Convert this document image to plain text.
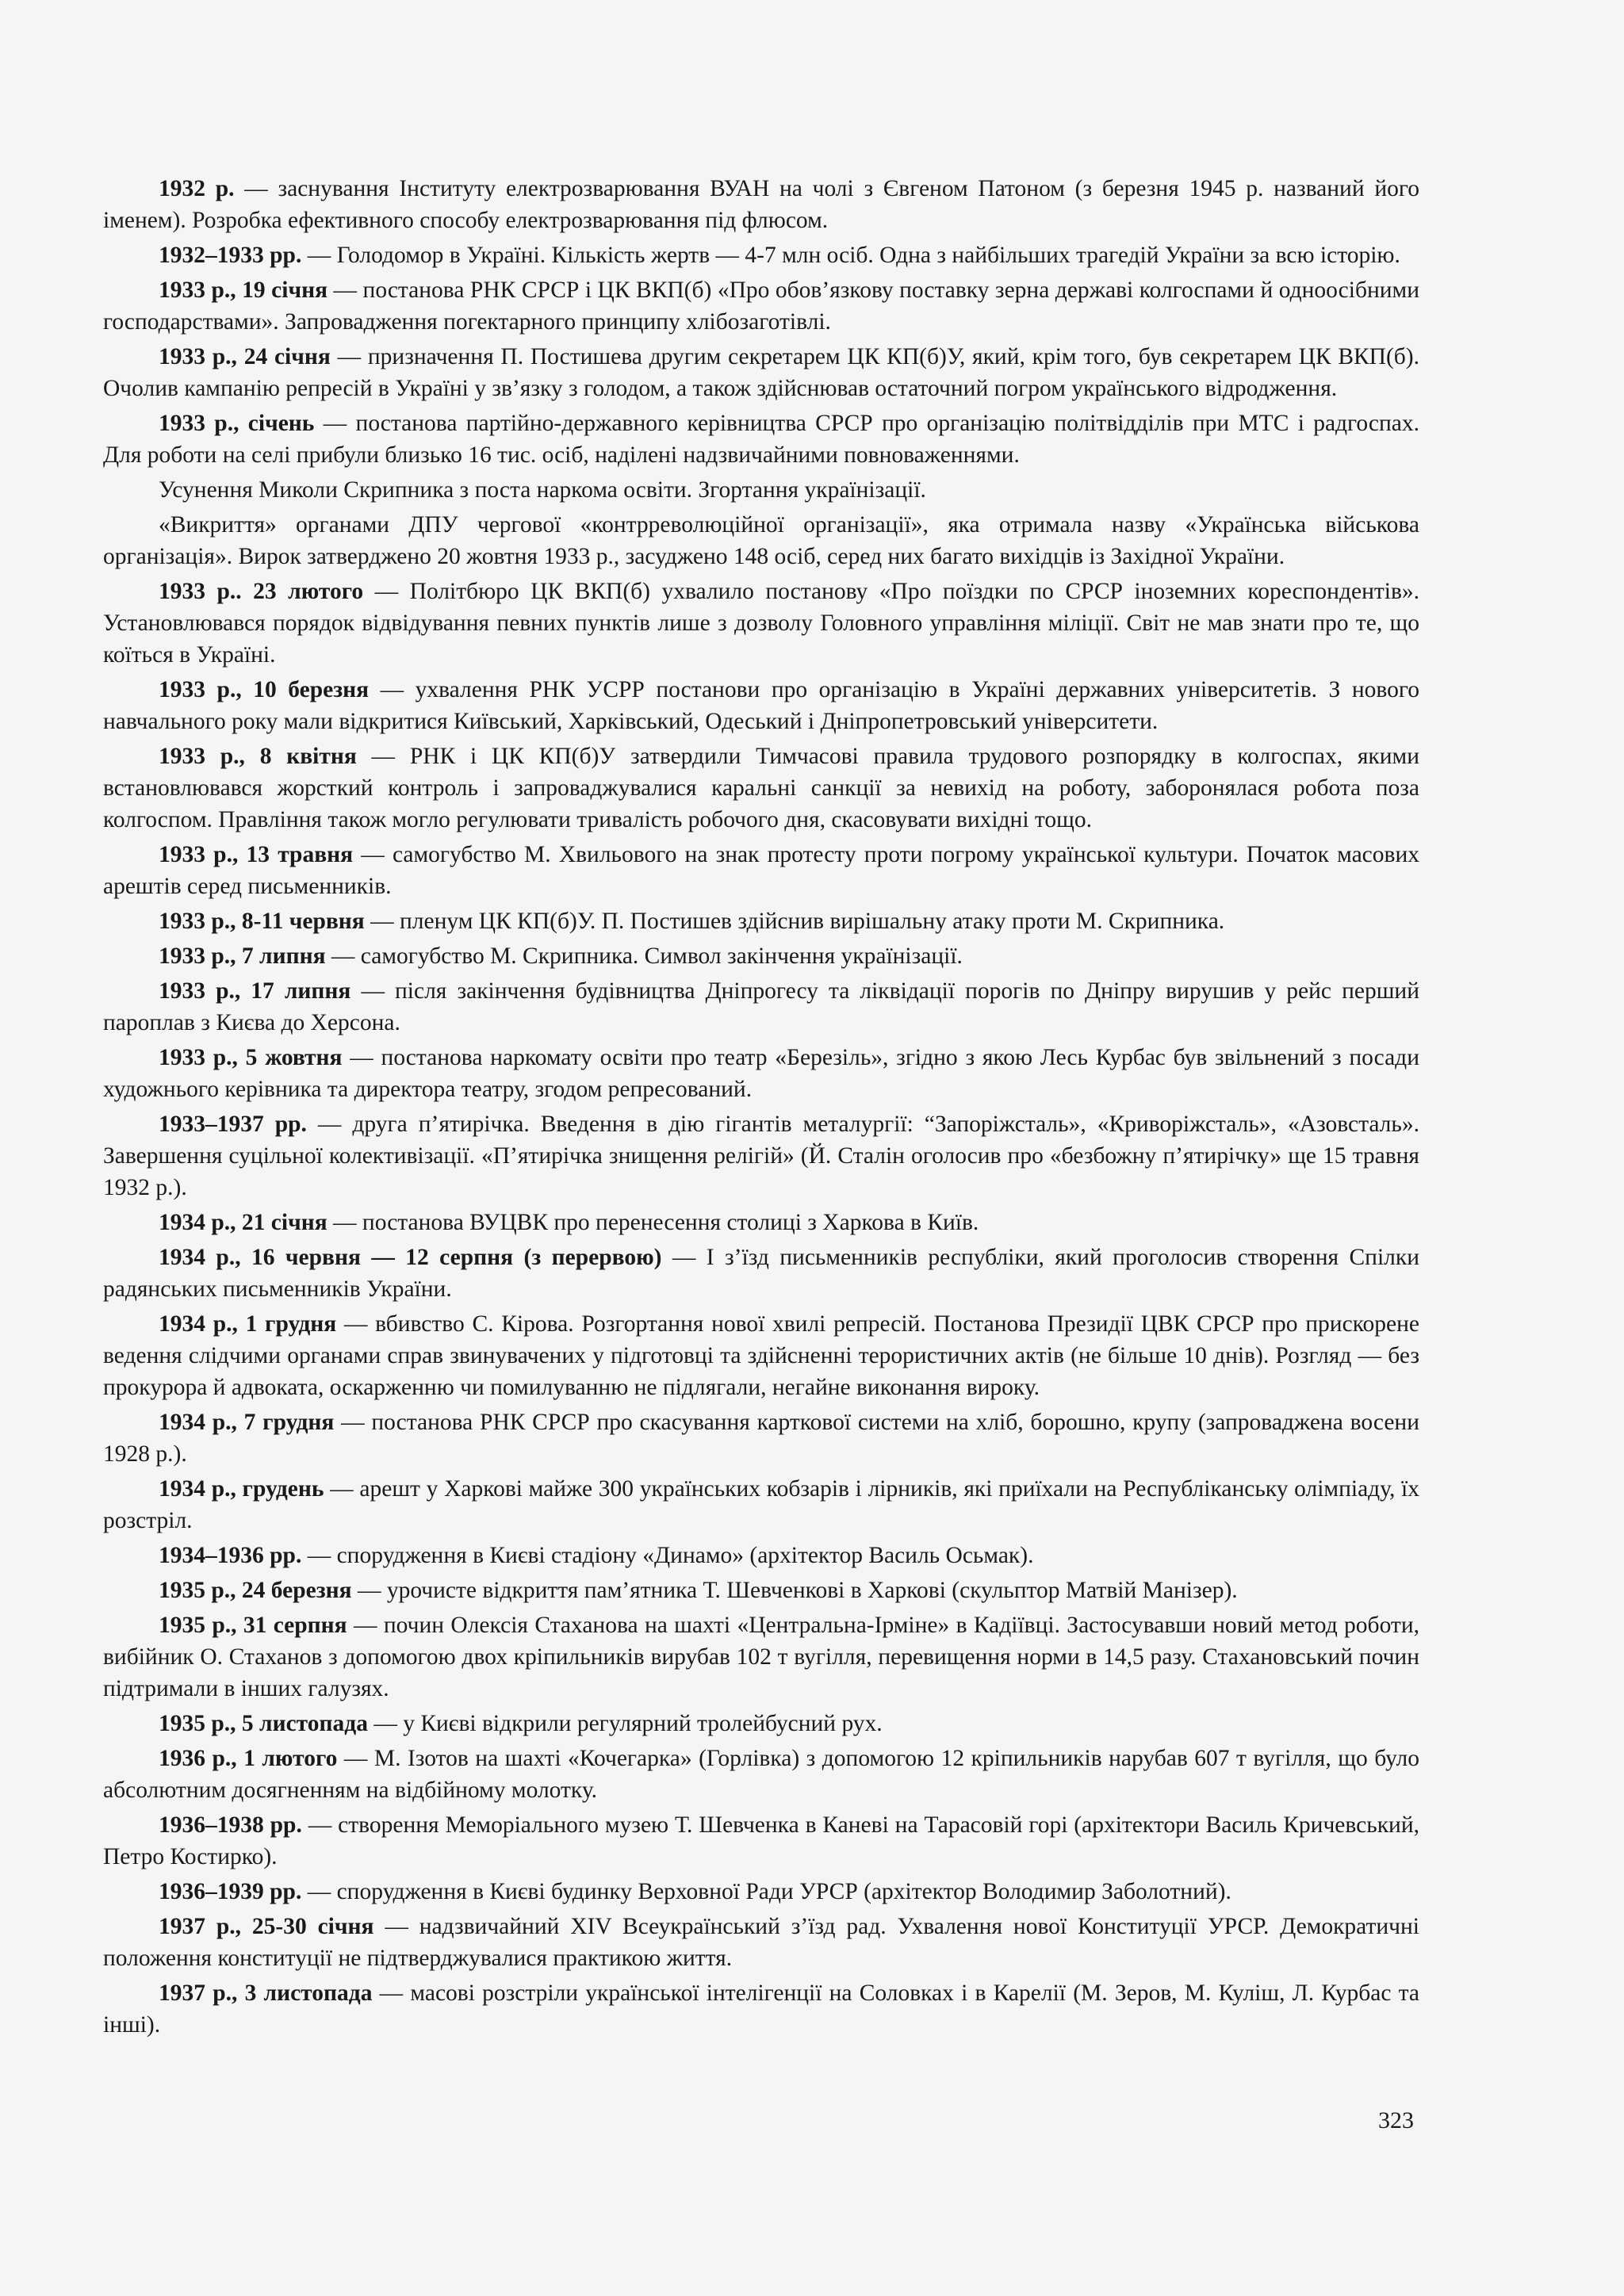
1932 р. — заснування Інституту електрозварювання ВУАН на чолі з Євгеном Патоном (з березня 1945 р. названий його іменем). Розробка ефективного способу електрозварювання під флюсом.

1932–1933 рр. — Голодомор в Україні. Кількість жертв — 4-7 млн осіб. Одна з найбільших трагедій України за всю історію.

1933 р., 19 січня — постанова РНК СРСР і ЦК ВКП(б) «Про обов’язкову поставку зерна державі колгоспами й одноосібними господарствами». Запровадження погектарного принципу хлібозаготівлі.

1933 р., 24 січня — призначення П. Постишева другим секретарем ЦК КП(б)У, який, крім того, був секретарем ЦК ВКП(б). Очолив кампанію репресій в Україні у зв’язку з голодом, а також здійснював остаточний погром українського відродження.

1933 р., січень — постанова партійно-державного керівництва СРСР про організацію політвідділів при МТС і радгоспах. Для роботи на селі прибули близько 16 тис. осіб, наділені надзвичайними повноваженнями.

Усунення Миколи Скрипника з поста наркома освіти. Згортання українізації.

«Викриття» органами ДПУ чергової «контрреволюційної організації», яка отримала назву «Українська військова організація». Вирок затверджено 20 жовтня 1933 р., засуджено 148 осіб, серед них багато вихідців із Західної України.

1933 р.. 23 лютого — Політбюро ЦК ВКП(б) ухвалило постанову «Про поїздки по СРСР іноземних кореспондентів». Установлювався порядок відвідування певних пунктів лише з дозволу Головного управління міліції. Світ не мав знати про те, що коїться в Україні.

1933 р., 10 березня — ухвалення РНК УСРР постанови про організацію в Україні державних університетів. З нового навчального року мали відкритися Київський, Харківський, Одеський і Дніпропетровський університети.

1933 р., 8 квітня — РНК і ЦК КП(б)У затвердили Тимчасові правила трудового розпорядку в колгоспах, якими встановлювався жорсткий контроль і запроваджувалися каральні санкції за невихід на роботу, заборонялася робота поза колгоспом. Правління також могло регулювати тривалість робочого дня, скасовувати вихідні тощо.

1933 р., 13 травня — самогубство М. Хвильового на знак протесту проти погрому української культури. Початок масових арештів серед письменників.

1933 р., 8-11 червня — пленум ЦК КП(б)У. П. Постишев здійснив вирішальну атаку проти М. Скрипника.

1933 р., 7 липня — самогубство М. Скрипника. Символ закінчення українізації.

1933 р., 17 липня — після закінчення будівництва Дніпрогесу та ліквідації порогів по Дніпру вирушив у рейс перший пароплав з Києва до Херсона.

1933 р., 5 жовтня — постанова наркомату освіти про театр «Березіль», згідно з якою Лесь Курбас був звільнений з посади художнього керівника та директора театру, згодом репресований.

1933–1937 рр. — друга п’ятирічка. Введення в дію гігантів металургії: “Запоріжсталь», «Криворіжсталь», «Азовсталь». Завершення суцільної колективізації. «П’ятирічка знищення релігій» (Й. Сталін оголосив про «безбожну п’ятирічку» ще 15 травня 1932 р.).

1934 р., 21 січня — постанова ВУЦВК про перенесення столиці з Харкова в Київ.

1934 р., 16 червня — 12 серпня (з перервою) — І з’їзд письменників республіки, який проголосив створення Спілки радянських письменників України.

1934 р., 1 грудня — вбивство С. Кірова. Розгортання нової хвилі репресій. Постанова Президії ЦВК СРСР про прискорене ведення слідчими органами справ звинувачених у підготовці та здійсненні терористичних актів (не більше 10 днів). Розгляд — без прокурора й адвоката, оскарженню чи помилуванню не підлягали, негайне виконання вироку.

1934 р., 7 грудня — постанова РНК СРСР про скасування карткової системи на хліб, борошно, крупу (запроваджена восени 1928 р.).

1934 р., грудень — арешт у Харкові майже 300 українських кобзарів і лірників, які приїхали на Республіканську олімпіаду, їх розстріл.

1934–1936 рр. — спорудження в Києві стадіону «Динамо» (архітектор Василь Осьмак).

1935 р., 24 березня — урочисте відкриття пам’ятника Т. Шевченкові в Харкові (скульптор Матвій Манізер).

1935 р., 31 серпня — почин Олексія Стаханова на шахті «Центральна-Ірміне» в Кадіївці. Застосувавши новий метод роботи, вибійник О. Стаханов з допомогою двох кріпильників вирубав 102 т вугілля, перевищення норми в 14,5 разу. Стахановський почин підтримали в інших галузях.

1935 р., 5 листопада — у Києві відкрили регулярний тролейбусний рух.

1936 р., 1 лютого — М. Ізотов на шахті «Кочегарка» (Горлівка) з допомогою 12 кріпильників нарубав 607 т вугілля, що було абсолютним досягненням на відбійному молотку.

1936–1938 рр. — створення Меморіального музею Т. Шевченка в Каневі на Тарасовій горі (архітектори Василь Кричевський, Петро Костирко).

1936–1939 рр. — спорудження в Києві будинку Верховної Ради УРСР (архітектор Володимир Заболотний).

1937 р., 25-30 січня — надзвичайний XIV Всеукраїнський з’їзд рад. Ухвалення нової Конституції УРСР. Демократичні положення конституції не підтверджувалися практикою життя.

1937 р., 3 листопада — масові розстріли української інтелігенції на Соловках і в Карелії (М. Зеров, М. Куліш, Л. Курбас та інші).

323
